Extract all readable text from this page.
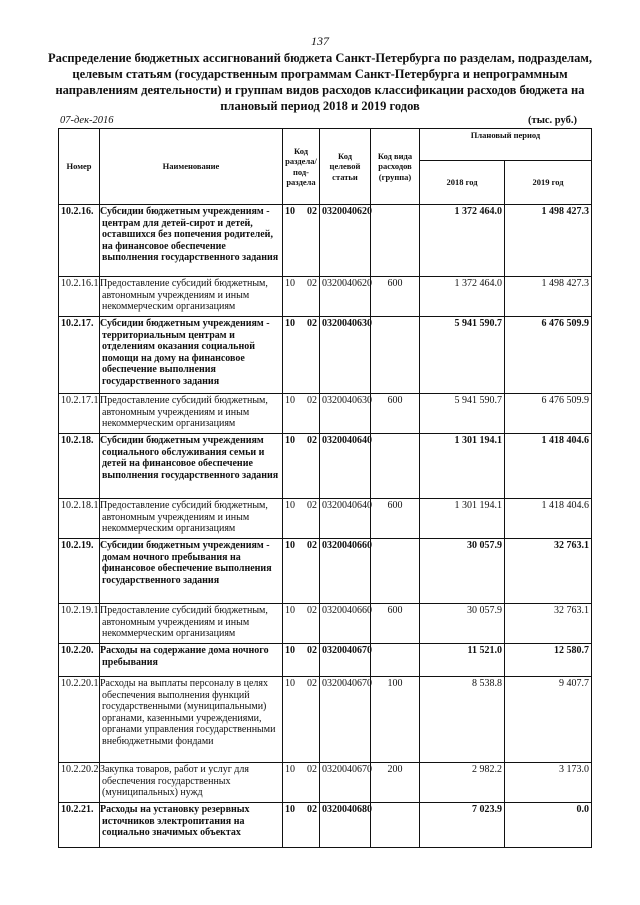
137
Распределение бюджетных ассигнований бюджета Санкт-Петербурга по разделам, подразделам, целевым статьям (государственным программам Санкт-Петербурга и непрограммным направлениям деятельности) и группам видов расходов классификации расходов бюджета на плановый период 2018 и 2019 годов
07-дек-2016	(тыс. руб.)
Номер	Наименование	Код раздела/ под-раздела	Код целевой статьи	Код вида расходов (группа)	Плановый период	
					2018 год	2019 год
10.2.16.	Субсидии бюджетным учреждениям - центрам для детей-сирот и детей, оставшихся без попечения родителей, на финансовое обеспечение выполнения государственного задания	10 02	0320040620		1 372 464.0	1 498 427.3
10.2.16.1	Предоставление субсидий бюджетным, автономным учреждениям и иным некоммерческим организациям	10 02	0320040620	600	1 372 464.0	1 498 427.3
10.2.17.	Субсидии бюджетным учреждениям - территориальным центрам и отделениям оказания социальной помощи на дому на финансовое обеспечение выполнения государственного задания	10 02	0320040630		5 941 590.7	6 476 509.9
10.2.17.1	Предоставление субсидий бюджетным, автономным учреждениям и иным некоммерческим организациям	10 02	0320040630	600	5 941 590.7	6 476 509.9
10.2.18.	Субсидии бюджетным учреждениям социального обслуживания семьи и детей на финансовое обеспечение выполнения государственного задания	10 02	0320040640		1 301 194.1	1 418 404.6
10.2.18.1	Предоставление субсидий бюджетным, автономным учреждениям и иным некоммерческим организациям	10 02	0320040640	600	1 301 194.1	1 418 404.6
10.2.19.	Субсидии бюджетным учреждениям - домам ночного пребывания на финансовое обеспечение выполнения государственного задания	10 02	0320040660		30 057.9	32 763.1
10.2.19.1	Предоставление субсидий бюджетным, автономным учреждениям и иным некоммерческим организациям	10 02	0320040660	600	30 057.9	32 763.1
10.2.20.	Расходы на содержание дома ночного пребывания	10 02	0320040670		11 521.0	12 580.7
10.2.20.1	Расходы на выплаты персоналу в целях обеспечения выполнения функций государственными (муниципальными) органами, казенными учреждениями, органами управления государственными внебюджетными фондами	10 02	0320040670	100	8 538.8	9 407.7
10.2.20.2	Закупка товаров, работ и услуг для обеспечения государственных (муниципальных) нужд	10 02	0320040670	200	2 982.2	3 173.0
10.2.21.	Расходы на установку резервных источников электропитания на социально значимых объектах	10 02	0320040680		7 023.9	0.0
